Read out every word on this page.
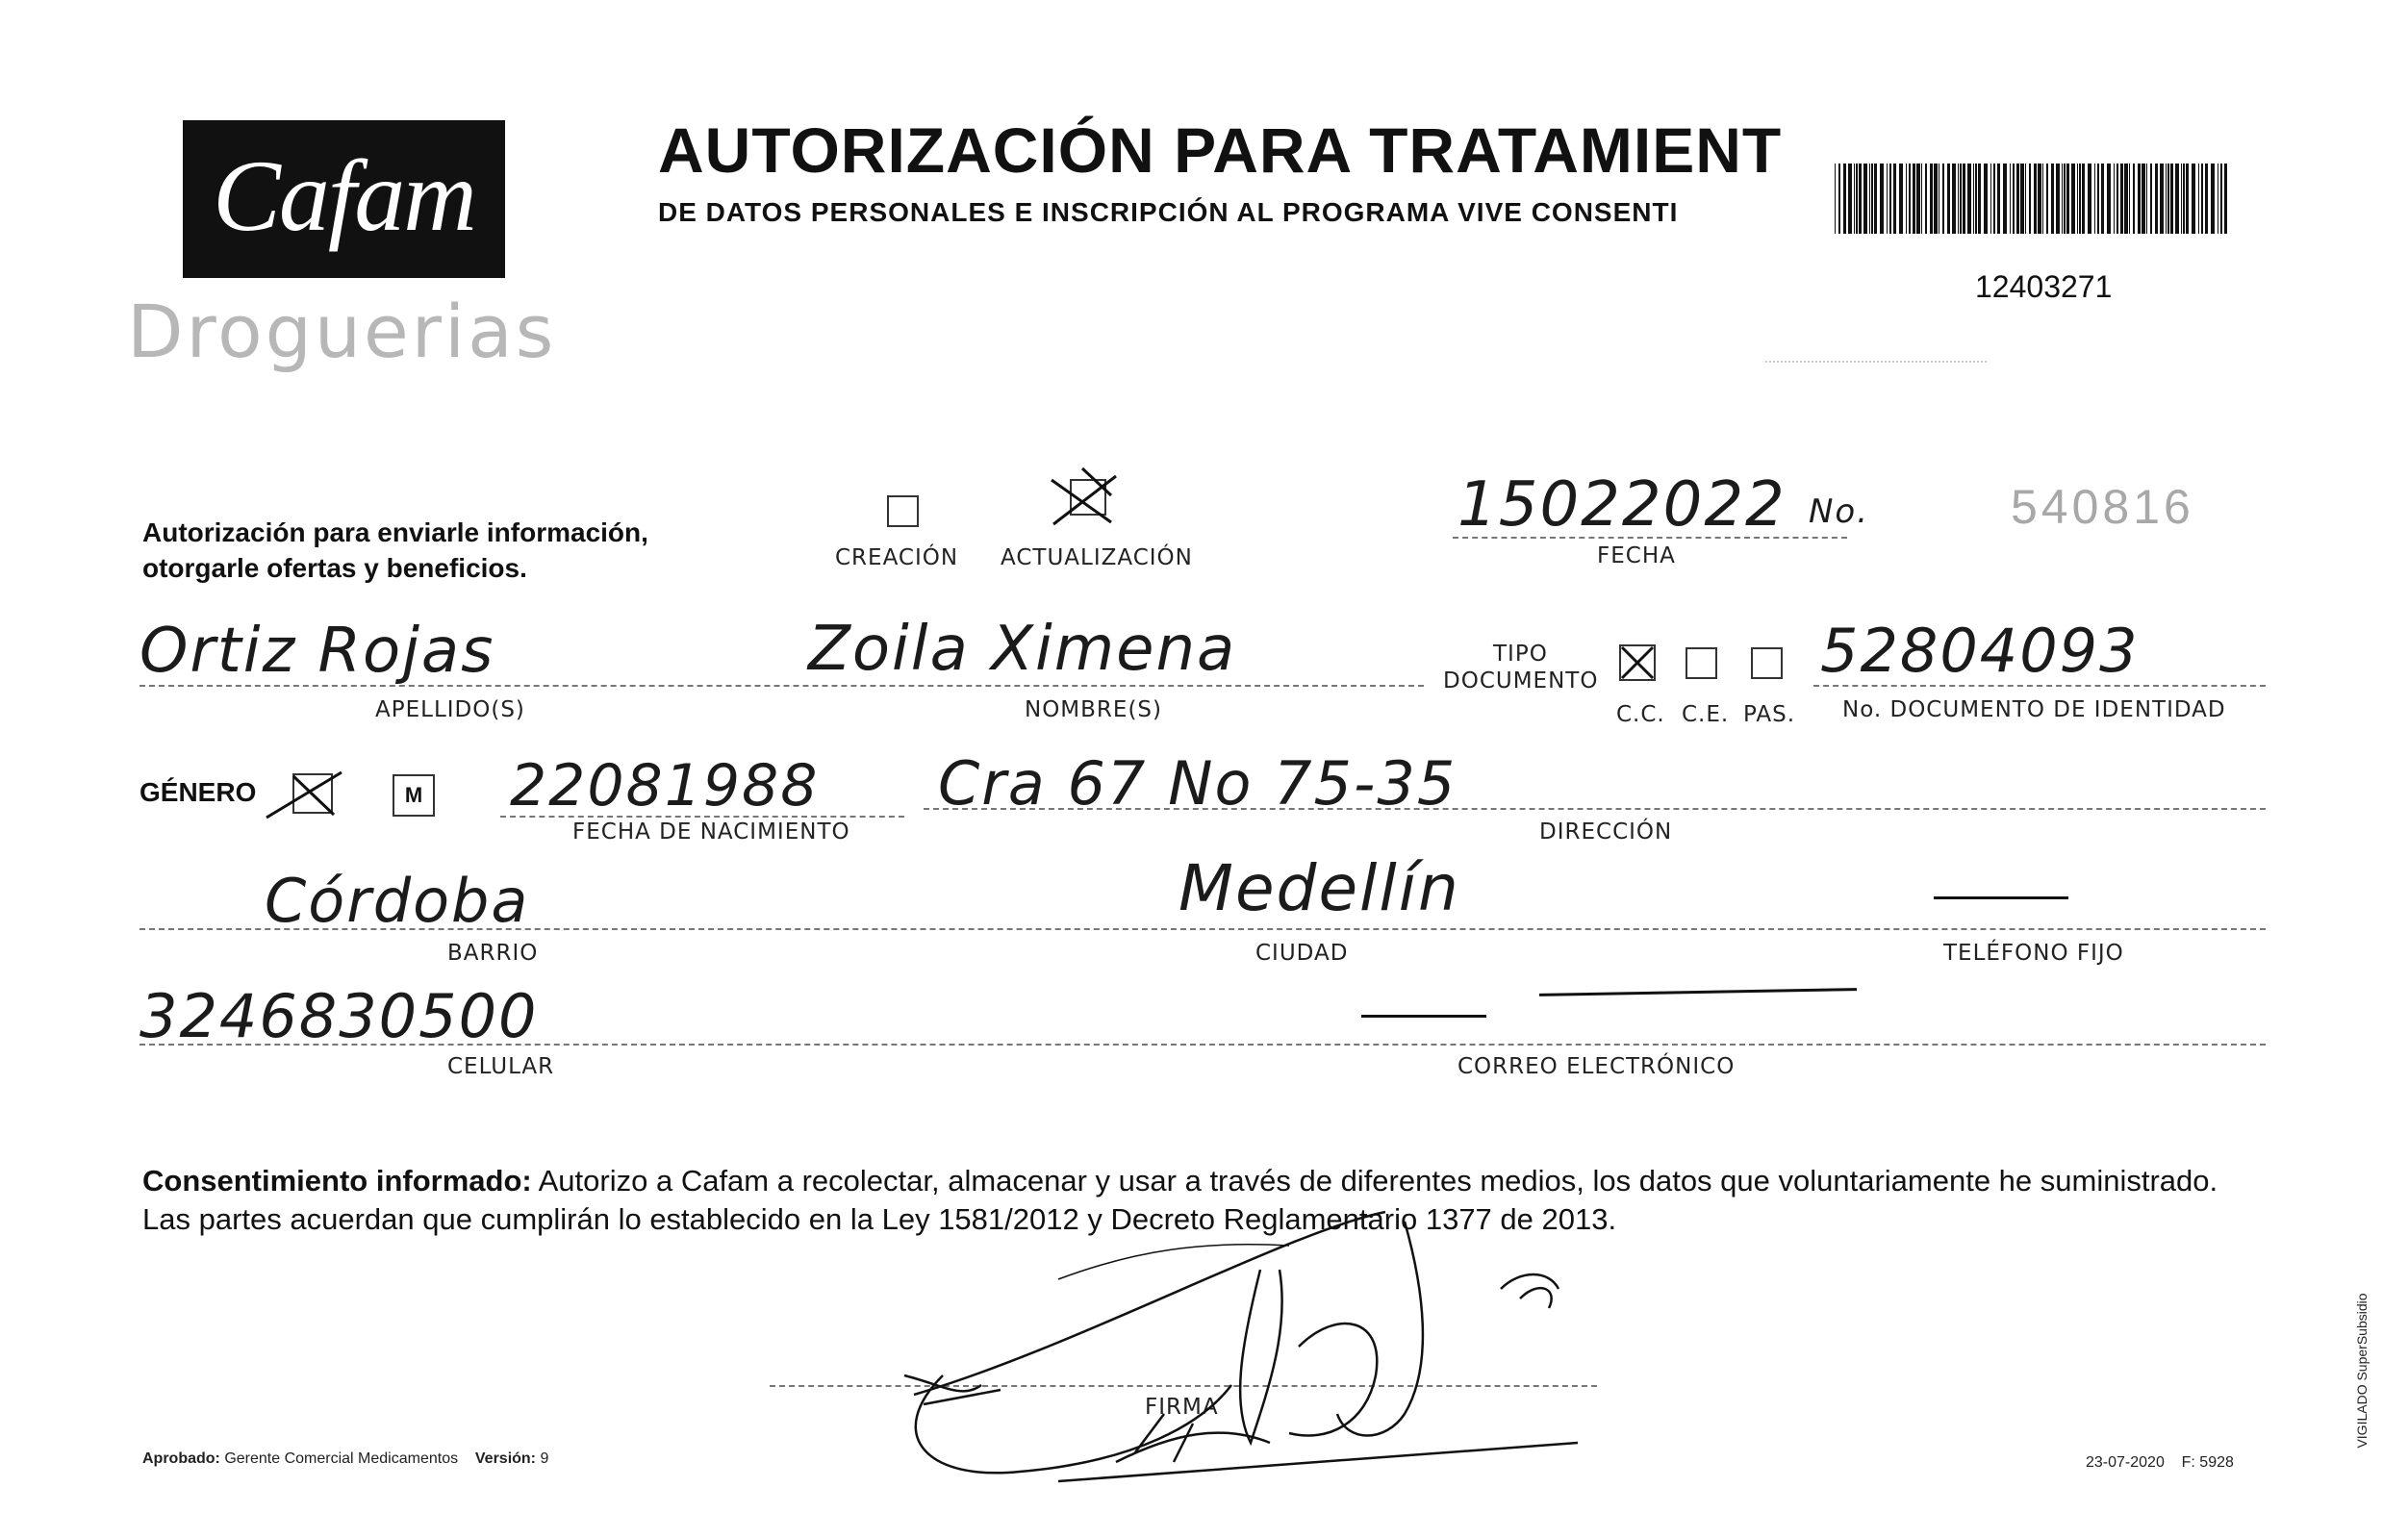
Cafam
Droguerias
AUTORIZACIÓN PARA TRATAMIENT
DE DATOS PERSONALES E INSCRIPCIÓN AL PROGRAMA VIVE CONSENTI
12403271
Autorización para enviarle información,
otorgarle ofertas y beneficios.	CREACIÓN ACTUALIZACIÓN
15022022
FECHA
No.	540816
Ortiz Rojas	Zoila Ximena
APELLIDO(S)	NOMBRE(S)
TIPO
DOCUMENTO
C.C. C.E. PAS.
52804093
No. DOCUMENTO DE IDENTIDAD
GÉNERO	M 22081988
FECHA DE NACIMIENTO
Cra 67 No 75-35
DIRECCIÓN
Córdoba
BARRIO
Medellín
CIUDAD	TELÉFONO FIJO
3246830500
CELULAR	CORREO ELECTRÓNICO
Consentimiento informado: Autorizo a Cafam a recolectar, almacenar y usar a través de diferentes medios, los datos que voluntariamente he suministrado. Las partes acuerdan que cumplirán lo establecido en la Ley 1581/2012 y Decreto Reglamentario 1377 de 2013.
FIRMA
Aprobado: Gerente Comercial Medicamentos Versión: 9	23-07-2020 F: 5928
VIGILADO SuperSubsidio
